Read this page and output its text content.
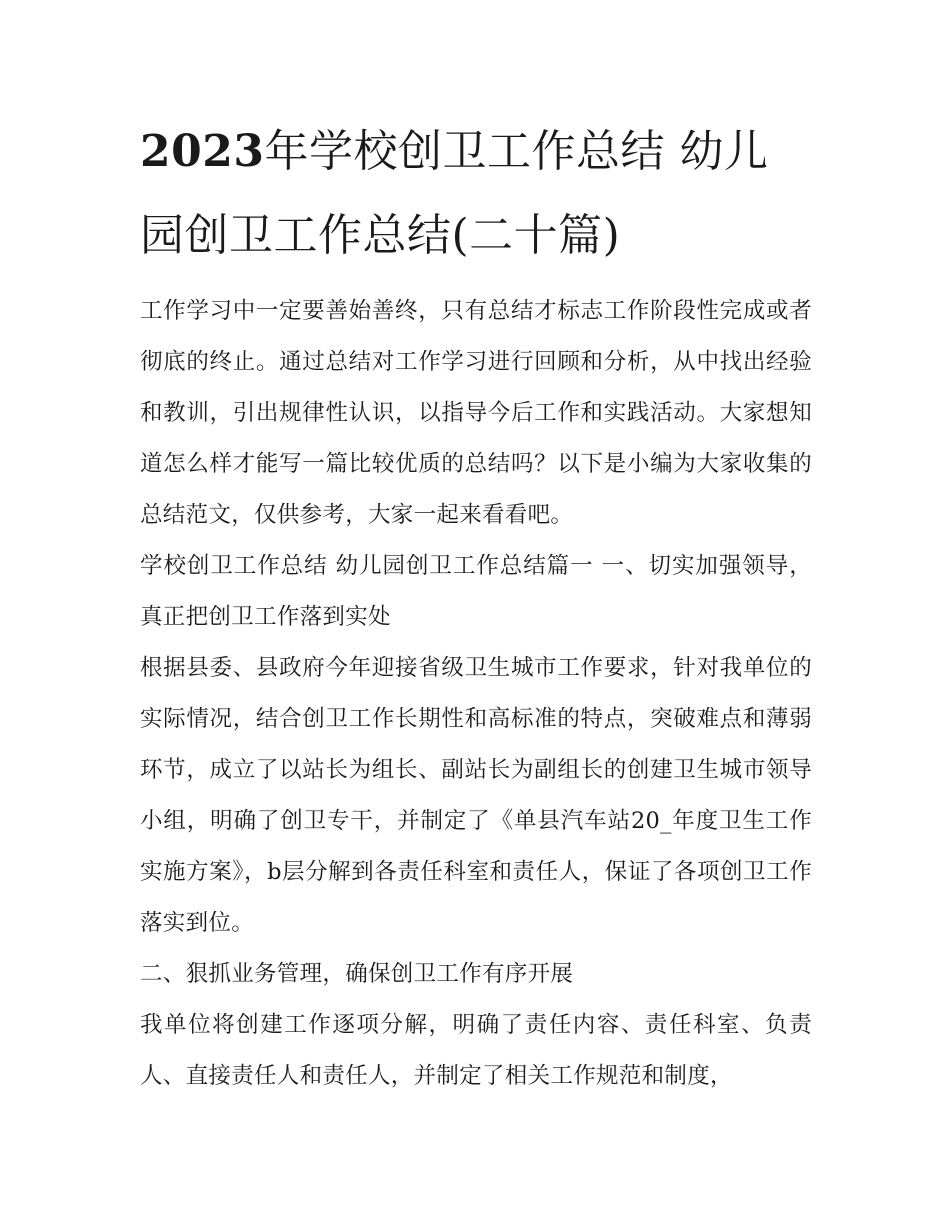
2023年学校创卫工作总结 幼儿园创卫工作总结(二十篇)

工作学习中一定要善始善终，只有总结才标志工作阶段性完成或者彻底的终止。通过总结对工作学习进行回顾和分析，从中找出经验和教训，引出规律性认识，以指导今后工作和实践活动。大家想知道怎么样才能写一篇比较优质的总结吗？以下是小编为大家收集的总结范文，仅供参考，大家一起来看看吧。

学校创卫工作总结 幼儿园创卫工作总结篇一 一、切实加强领导，真正把创卫工作落到实处

根据县委、县政府今年迎接省级卫生城市工作要求，针对我单位的实际情况，结合创卫工作长期性和高标准的特点，突破难点和薄弱环节，成立了以站长为组长、副站长为副组长的创建卫生城市领导小组，明确了创卫专干，并制定了《单县汽车站20_年度卫生工作实施方案》，b层分解到各责任科室和责任人，保证了各项创卫工作落实到位。

二、狠抓业务管理，确保创卫工作有序开展

我单位将创建工作逐项分解，明确了责任内容、责任科室、负责人、直接责任人和责任人，并制定了相关工作规范和制度，
